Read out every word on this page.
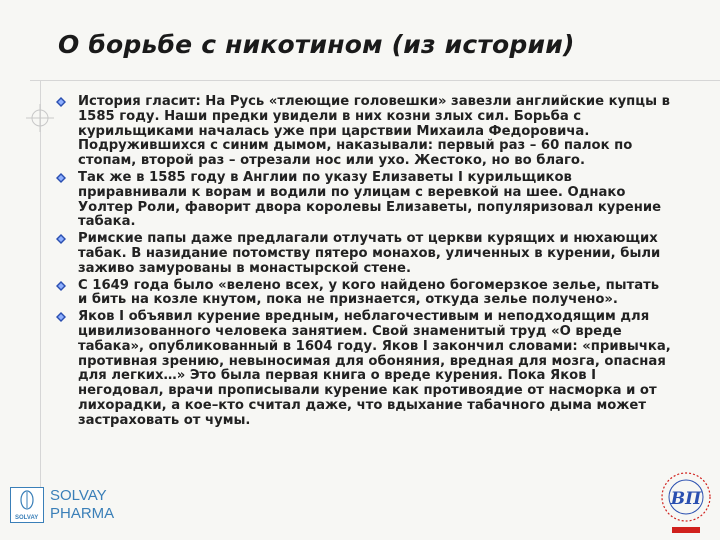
О борьбе с никотином (из истории)
История гласит: На Русь «тлеющие головешки» завезли английские купцы в 1585 году. Наши предки увидели в них козни злых сил. Борьба с курильщиками началась уже при царствии Михаила Федоровича. Подружившихся с синим дымом, наказывали: первый раз – 60 палок по стопам, второй раз – отрезали нос или ухо. Жестоко, но во благо.
Так же в 1585 году в Англии по указу Елизаветы I курильщиков приравнивали к ворам и водили по улицам с веревкой на шее. Однако Уолтер Роли, фаворит двора королевы Елизаветы, популяризовал курение табака.
Римские папы даже предлагали отлучать от церкви курящих и нюхающих табак. В назидание потомству пятеро монахов, уличенных в курении, были заживо замурованы в монастырской стене.
С 1649 года было «велено всех, у кого найдено богомерзкое зелье, пытать и бить на козле кнутом, пока не признается, откуда зелье получено».
Яков I объявил курение вредным, неблагочестивым и неподходящим для цивилизованного человека занятием. Свой знаменитый труд «О вреде табака», опубликованный в 1604 году. Яков I закончил словами: «привычка, противная зрению, невыносимая для обоняния, вредная для мозга, опасная для легких…» Это была первая книга о вреде курения. Пока Яков I негодовал, врачи прописывали курение как противоядие от насморка и от лихорадки, а кое–кто считал даже, что вдыхание табачного дыма может застраховать от чумы.
SOLVAY
SOLVAY
PHARMA
ВП
